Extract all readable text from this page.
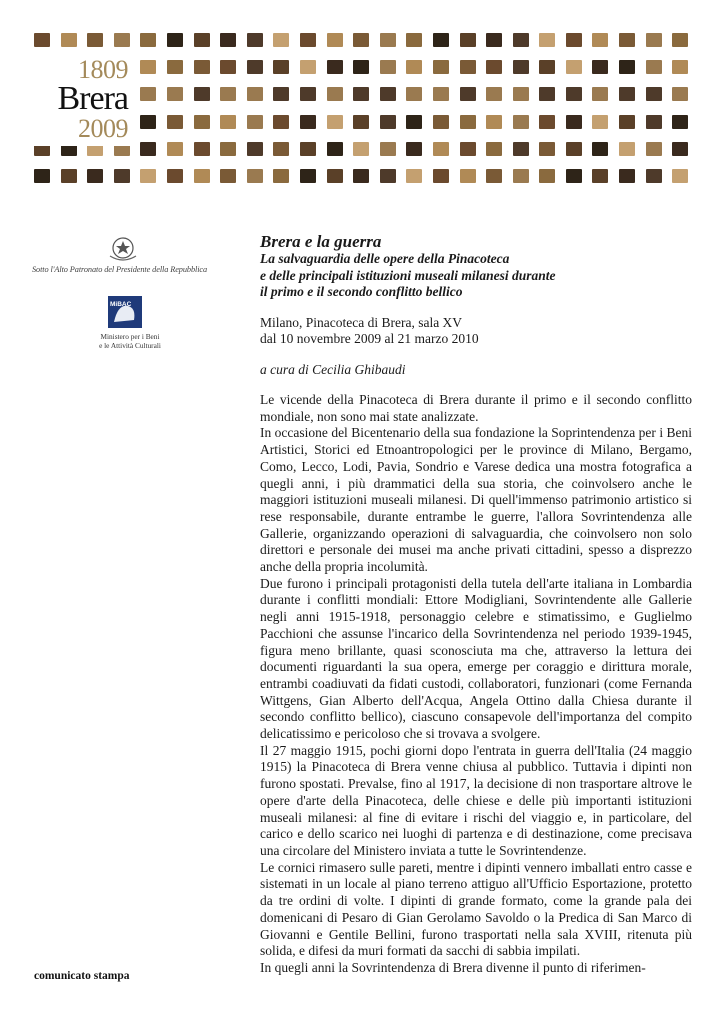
1809
Brera
2009
Sotto l'Alto Patronato del Presidente della Repubblica
MiBAC
Ministero per i Beni
e le Attività Culturali
comunicato stampa
Brera e la guerra
La salvaguardia delle opere della Pinacoteca
e delle principali istituzioni museali milanesi durante
il primo e il secondo conflitto bellico
Milano, Pinacoteca di Brera, sala XV
dal 10 novembre 2009 al 21 marzo 2010
a cura di Cecilia Ghibaudi

Le vicende della Pinacoteca di Brera durante il primo e il secondo conflitto mondiale, non sono mai state analizzate.

In occasione del Bicentenario della sua fondazione la Soprintendenza per i Beni Artistici, Storici ed Etnoantropologici per le province di Milano, Bergamo, Como, Lecco, Lodi, Pavia, Sondrio e Varese dedica una mostra fotografica a quegli anni, i più drammatici della sua storia, che coinvolsero anche le maggiori istituzioni museali milanesi. Di quell'immenso patrimonio artistico si rese responsabile, durante entrambe le guerre, l'allora Sovrintendenza alle Gallerie, organizzando operazioni di salvaguardia, che coinvolsero non solo direttori e personale dei musei ma anche privati cittadini, spesso a disprezzo anche della propria incolumità.

Due furono i principali protagonisti della tutela dell'arte italiana in Lombardia durante i conflitti mondiali: Ettore Modigliani, Sovrintendente alle Gallerie negli anni 1915-1918, personaggio celebre e stimatissimo, e Guglielmo Pacchioni che assunse l'incarico della Sovrintendenza nel periodo 1939-1945, figura meno brillante, quasi sconosciuta ma che, attraverso la lettura dei documenti riguardanti la sua opera, emerge per coraggio e dirittura morale, entrambi coadiuvati da fidati custodi, collaboratori, funzionari (come Fernanda Wittgens, Gian Alberto dell'Acqua, Angela Ottino dalla Chiesa durante il secondo conflitto bellico), ciascuno consapevole dell'importanza del compito delicatissimo e pericoloso che si trovava a svolgere.

Il 27 maggio 1915, pochi giorni dopo l'entrata in guerra dell'Italia (24 maggio 1915) la Pinacoteca di Brera venne chiusa al pubblico. Tuttavia i dipinti non furono spostati. Prevalse, fino al 1917, la decisione di non trasportare altrove le opere d'arte della Pinacoteca, delle chiese e delle più importanti istituzioni museali milanesi: al fine di evitare i rischi del viaggio e, in particolare, del carico e dello scarico nei luoghi di partenza e di destinazione, come precisava una circolare del Ministero inviata a tutte le Sovrintendenze.

Le cornici rimasero sulle pareti, mentre i dipinti vennero imballati entro casse e sistemati in un locale al piano terreno attiguo all'Ufficio Esportazione, protetto da tre ordini di volte. I dipinti di grande formato, come la grande pala dei domenicani di Pesaro di Gian Gerolamo Savoldo o la Predica di San Marco di Giovanni e Gentile Bellini, furono trasportati nella sala XVIII, ritenuta più solida, e difesi da muri formati da sacchi di sabbia impilati.

In quegli anni la Sovrintendenza di Brera divenne il punto di riferimen-
